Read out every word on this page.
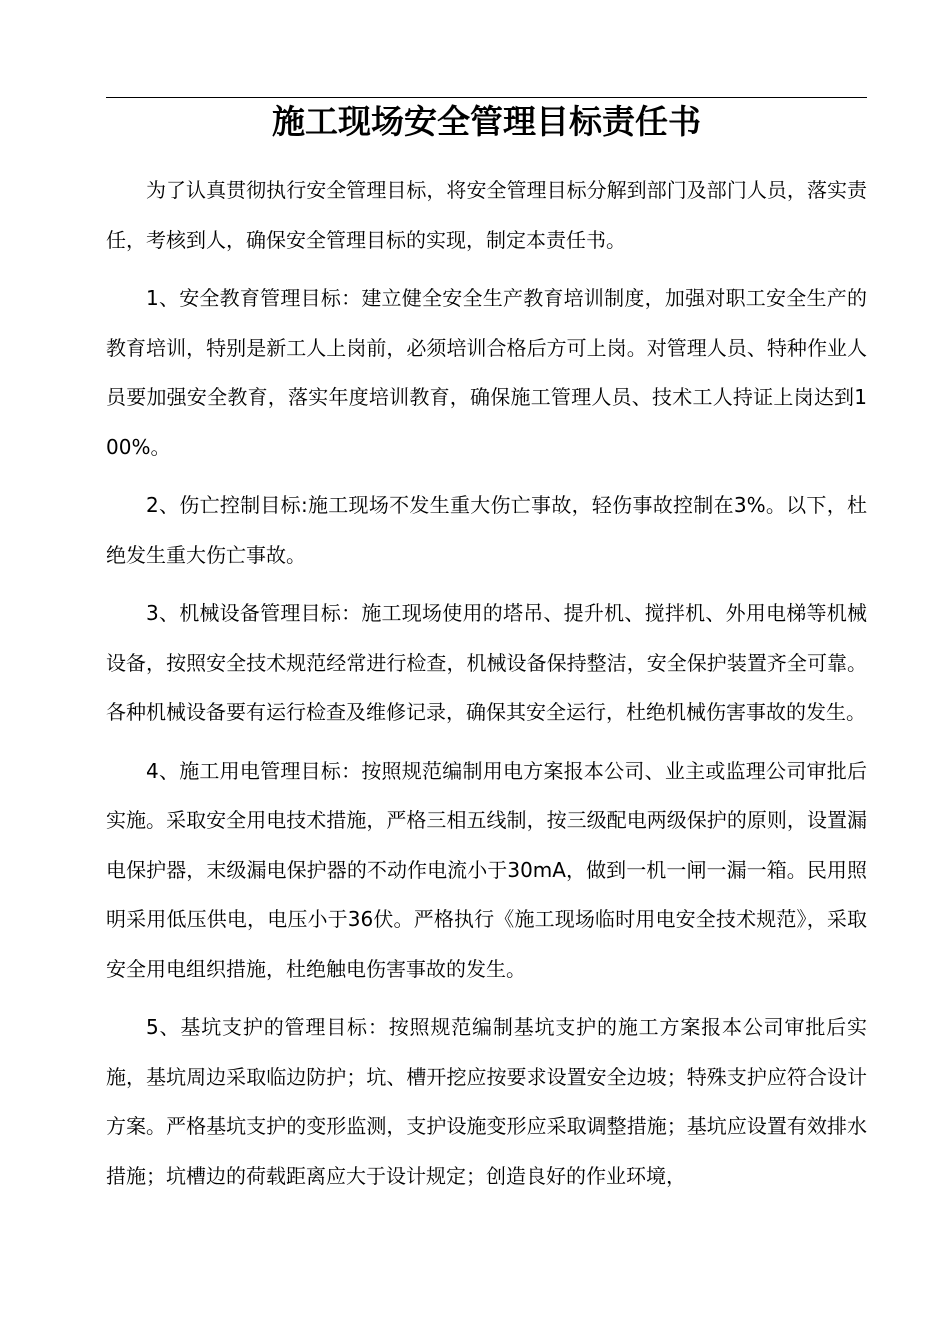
施工现场安全管理目标责任书

为了认真贯彻执行安全管理目标，将安全管理目标分解到部门及部门人员，落实责任，考核到人，确保安全管理目标的实现，制定本责任书。

1、安全教育管理目标：建立健全安全生产教育培训制度，加强对职工安全生产的教育培训，特别是新工人上岗前，必须培训合格后方可上岗。对管理人员、特种作业人员要加强安全教育，落实年度培训教育，确保施工管理人员、技术工人持证上岗达到100%。

2、伤亡控制目标:施工现场不发生重大伤亡事故，轻伤事故控制在3%。以下，杜绝发生重大伤亡事故。

3、机械设备管理目标：施工现场使用的塔吊、提升机、搅拌机、外用电梯等机械设备，按照安全技术规范经常进行检查，机械设备保持整洁，安全保护装置齐全可靠。各种机械设备要有运行检查及维修记录，确保其安全运行，杜绝机械伤害事故的发生。

4、施工用电管理目标：按照规范编制用电方案报本公司、业主或监理公司审批后实施。采取安全用电技术措施，严格三相五线制，按三级配电两级保护的原则，设置漏电保护器，末级漏电保护器的不动作电流小于30mA，做到一机一闸一漏一箱。民用照明采用低压供电，电压小于36伏。严格执行《施工现场临时用电安全技术规范》，采取安全用电组织措施，杜绝触电伤害事故的发生。

5、基坑支护的管理目标：按照规范编制基坑支护的施工方案报本公司审批后实施，基坑周边采取临边防护；坑、槽开挖应按要求设置安全边坡；特殊支护应符合设计方案。严格基坑支护的变形监测，支护设施变形应采取调整措施；基坑应设置有效排水措施；坑槽边的荷载距离应大于设计规定；创造良好的作业环境，
